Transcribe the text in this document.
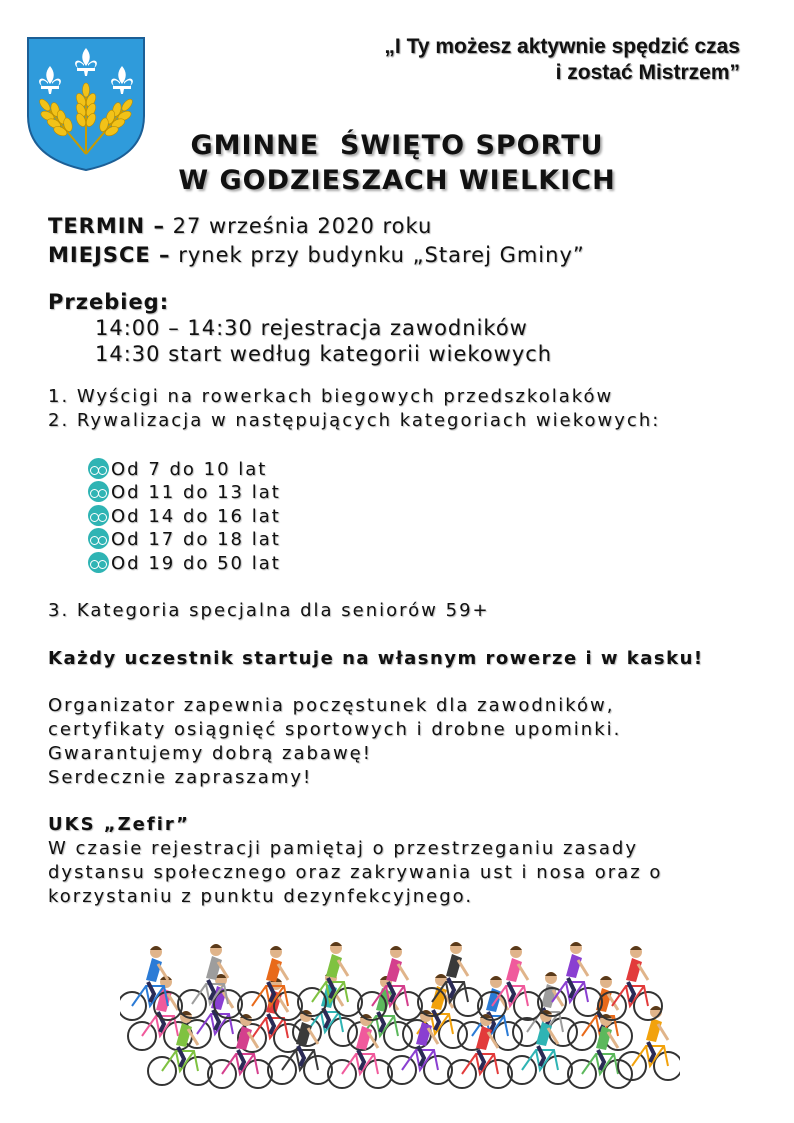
„I Ty możesz aktywnie spędzić czas
i zostać Mistrzem”
GMINNE  ŚWIĘTO SPORTU
W GODZIESZACH WIELKICH
TERMIN – 27 września 2020 roku
MIEJSCE – rynek przy budynku „Starej Gminy”
Przebieg:
14:00 – 14:30 rejestracja zawodników
14:30 start według kategorii wiekowych
1. Wyścigi na rowerkach biegowych przedszkolaków
2. Rywalizacja w następujących kategoriach wiekowych:
Od 7 do 10 lat
Od 11 do 13 lat
Od 14 do 16 lat
Od 17 do 18 lat
Od 19 do 50 lat
3. Kategoria specjalna dla seniorów 59+
Każdy uczestnik startuje na własnym rowerze i w kasku!
Organizator zapewnia poczęstunek dla zawodników,
certyfikaty osiągnięć sportowych i drobne upominki.
Gwarantujemy dobrą zabawę!
Serdecznie zapraszamy!
UKS „Zefir”
W czasie rejestracji pamiętaj o przestrzeganiu zasady
dystansu społecznego oraz zakrywania ust i nosa oraz o
korzystaniu z punktu dezynfekcyjnego.
